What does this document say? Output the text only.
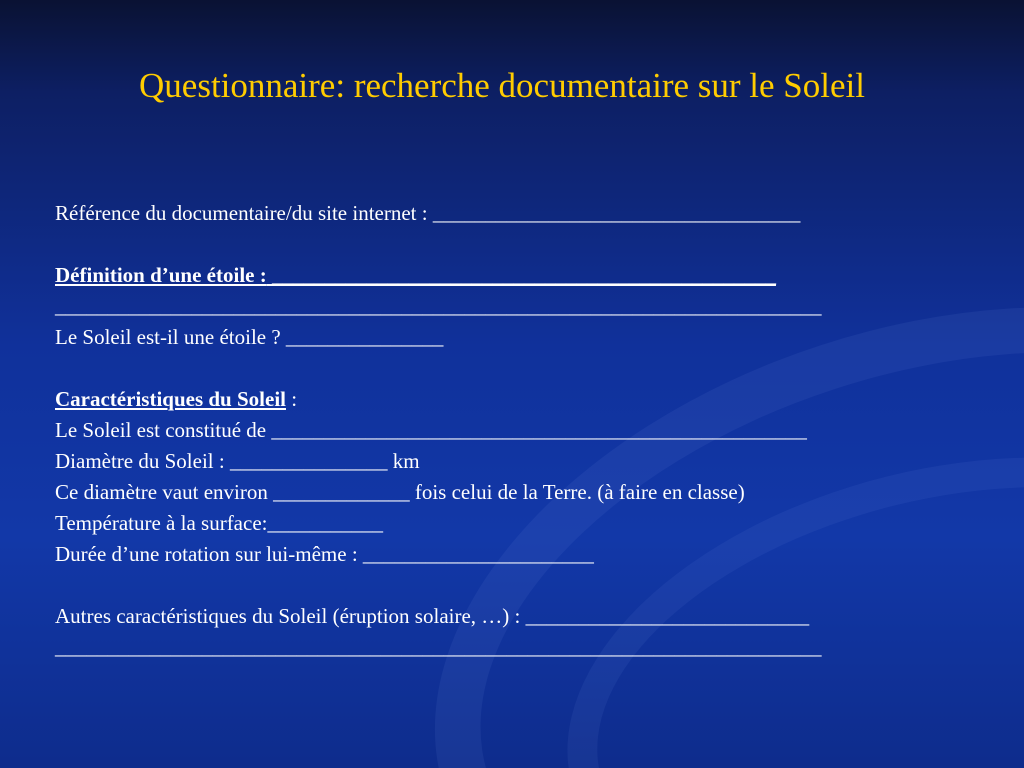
Questionnaire: recherche documentaire sur le Soleil
Référence du documentaire/du site internet : ___________________________________
Définition d’une étoile : ________________________________________________
_________________________________________________________________________
Le Soleil est-il une étoile ? _______________
Caractéristiques du Soleil :
Le Soleil est constitué de ___________________________________________________
Diamètre du Soleil : _______________ km
Ce diamètre vaut environ _____________ fois celui de la Terre. (à faire en classe)
Température à la surface:___________
Durée d’une rotation sur lui-même : ______________________
Autres caractéristiques du Soleil (éruption solaire, …) : ___________________________
_________________________________________________________________________
